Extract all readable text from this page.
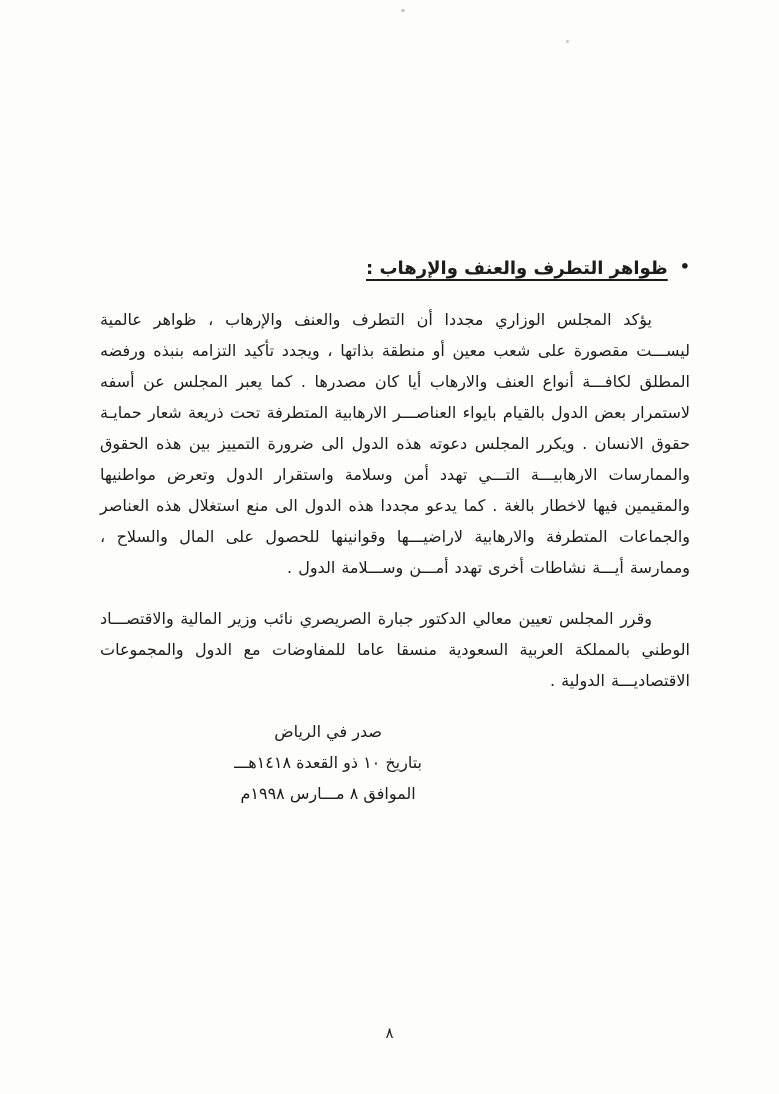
•ظواهر التطرف والعنف والإرهاب :

يؤكد المجلس الوزاري مجددا أن التطرف والعنف والإرهاب ، ظواهر عالمية ليســـت مقصورة على شعب معين أو منطقة بذاتها ، ويجدد تأكيد التزامه بنبذه ورفضه المطلق لكافـــة أنواع العنف والارهاب أيا كان مصدرها . كما يعبر المجلس عن أسفه لاستمرار بعض الدول بالقيام بايواء العناصـــر الارهابية المتطرفة تحت ذريعة شعار حمايـة حقوق الانسان . ويكرر المجلس دعوته هذه الدول الى ضرورة التمييز بين هذه الحقوق والممارسات الارهابيـــة التـــي تهدد أمن وسلامة واستقرار الدول وتعرض مواطنيها والمقيمين فيها لاخطار بالغة . كما يدعو مجددا هذه الدول الى منع استغلال هذه العناصر والجماعات المتطرفة والارهابية لاراضيـــها وقوانينها للحصول على المال والسلاح ، وممارسة أيـــة نشاطات أخرى تهدد أمـــن وســـلامة الدول .

وقرر المجلس تعيين معالي الدكتور جبارة الصريصري نائب وزير المالية والاقتصـــاد الوطني بالمملكة العربية السعودية منسقا عاما للمفاوضات مع الدول والمجموعات الاقتصاديـــة الدولية .

صدر في الرياض
بتاريخ ١٠ ذو القعدة ١٤١٨هـــ
الموافق ٨ مـــارس ١٩٩٨م
٨
